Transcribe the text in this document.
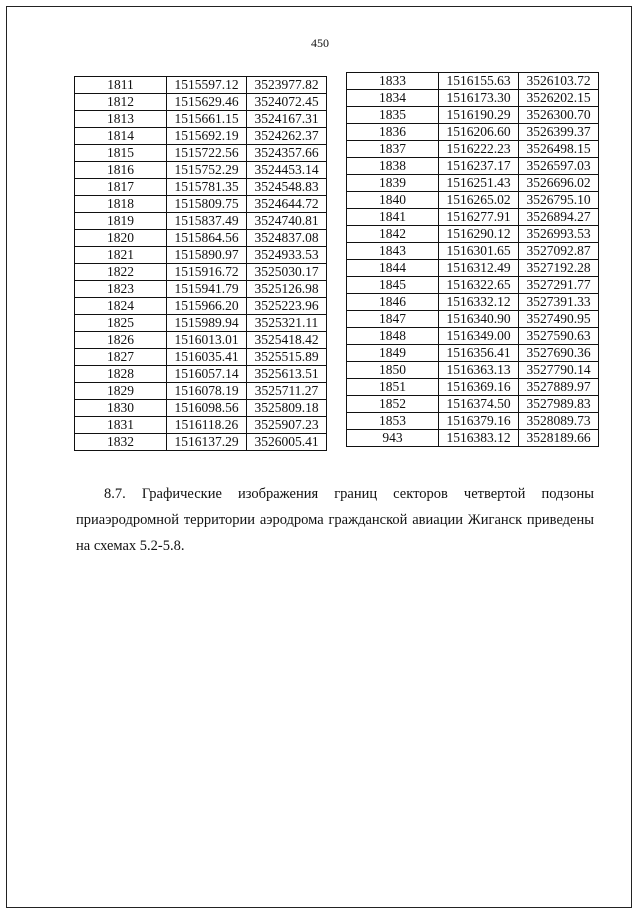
450
1811	1515597.12	3523977.82
1812	1515629.46	3524072.45
1813	1515661.15	3524167.31
1814	1515692.19	3524262.37
1815	1515722.56	3524357.66
1816	1515752.29	3524453.14
1817	1515781.35	3524548.83
1818	1515809.75	3524644.72
1819	1515837.49	3524740.81
1820	1515864.56	3524837.08
1821	1515890.97	3524933.53
1822	1515916.72	3525030.17
1823	1515941.79	3525126.98
1824	1515966.20	3525223.96
1825	1515989.94	3525321.11
1826	1516013.01	3525418.42
1827	1516035.41	3525515.89
1828	1516057.14	3525613.51
1829	1516078.19	3525711.27
1830	1516098.56	3525809.18
1831	1516118.26	3525907.23
1832	1516137.29	3526005.41
1833	1516155.63	3526103.72
1834	1516173.30	3526202.15
1835	1516190.29	3526300.70
1836	1516206.60	3526399.37
1837	1516222.23	3526498.15
1838	1516237.17	3526597.03
1839	1516251.43	3526696.02
1840	1516265.02	3526795.10
1841	1516277.91	3526894.27
1842	1516290.12	3526993.53
1843	1516301.65	3527092.87
1844	1516312.49	3527192.28
1845	1516322.65	3527291.77
1846	1516332.12	3527391.33
1847	1516340.90	3527490.95
1848	1516349.00	3527590.63
1849	1516356.41	3527690.36
1850	1516363.13	3527790.14
1851	1516369.16	3527889.97
1852	1516374.50	3527989.83
1853	1516379.16	3528089.73
943	1516383.12	3528189.66
8.7. Графические изображения границ секторов четвертой подзоны
приаэродромной территории аэродрома гражданской авиации Жиганск приведены
на схемах 5.2-5.8.
